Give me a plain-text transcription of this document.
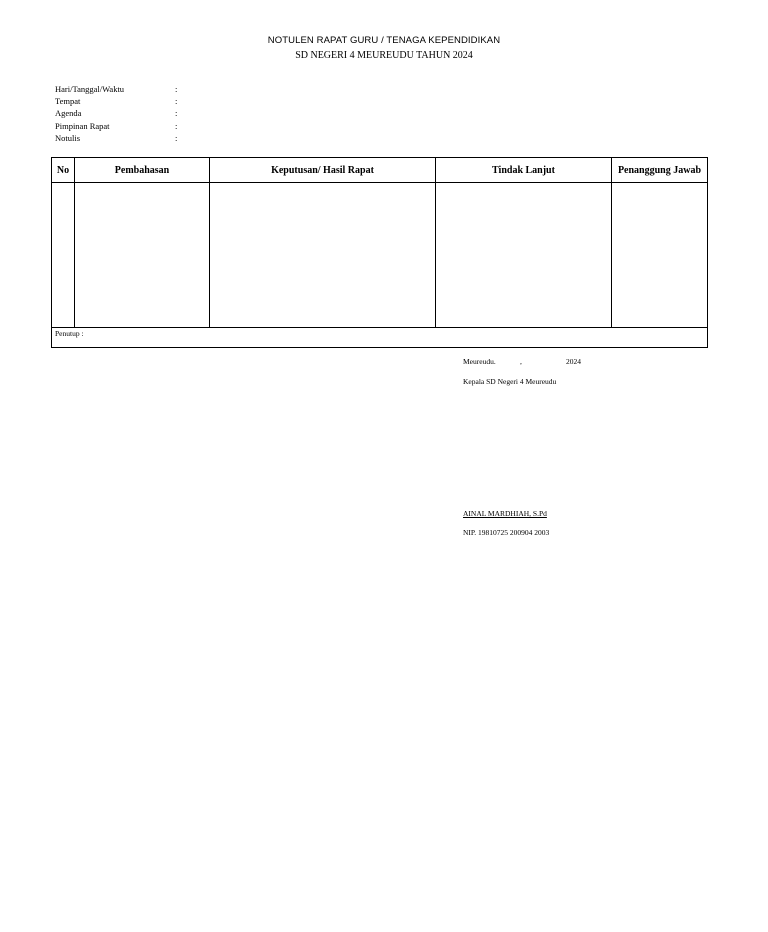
NOTULEN RAPAT GURU / TENAGA KEPENDIDIKAN
SD NEGERI 4 MEUREUDU TAHUN 2024
Hari/Tanggal/Waktu	:
Tempat	:
Agenda	:
Pimpinan Rapat	:
Notulis	:
No	Pembahasan	Keputusan/ Hasil Rapat	Tindak Lanjut	Penanggung Jawab

Penutup :				
Meureudu.	,	2024
Kepala SD Negeri 4 Meureudu
AINAL MARDHIAH, S.Pd
NIP. 19810725 200904 2003
